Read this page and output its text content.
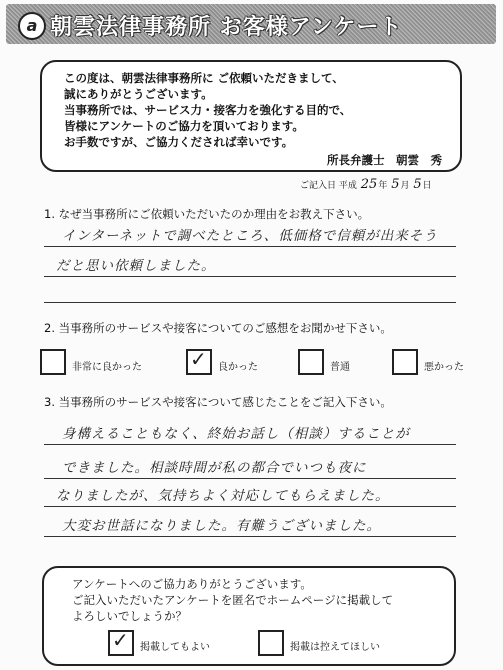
a 朝雲法律事務所 お客様アンケート
この度は、朝雲法律事務所に ご依頼いただきまして、
誠にありがとうございます。
当事務所では、サービス力・接客力を強化する目的で、
皆様にアンケートのご協力を頂いております。
お手数ですが、ご協力くだされば幸いです。
所長弁護士　朝雲　秀
ご記入日 平成 25年 5月 5日
1. なぜ当事務所にご依頼いただいたのか理由をお教え下さい。
インターネットで調べたところ、低価格で信頼が出来そう
だと思い依頼しました。
2. 当事務所のサービスや接客についてのご感想をお聞かせ下さい。
非常に良かった ✓ 良かった	普通	悪かった
3. 当事務所のサービスや接客について感じたことをご記入下さい。
身構えることもなく、終始お話し（相談）することが
できました。相談時間が私の都合でいつも夜に
なりましたが、気持ちよく対応してもらえました。
大変お世話になりました。有難うございました。
アンケートへのご協力ありがとうございます。
ご記入いただいたアンケートを匿名でホームページに掲載して
よろしいでしょうか？
✓ 掲載してもよい	掲載は控えてほしい
